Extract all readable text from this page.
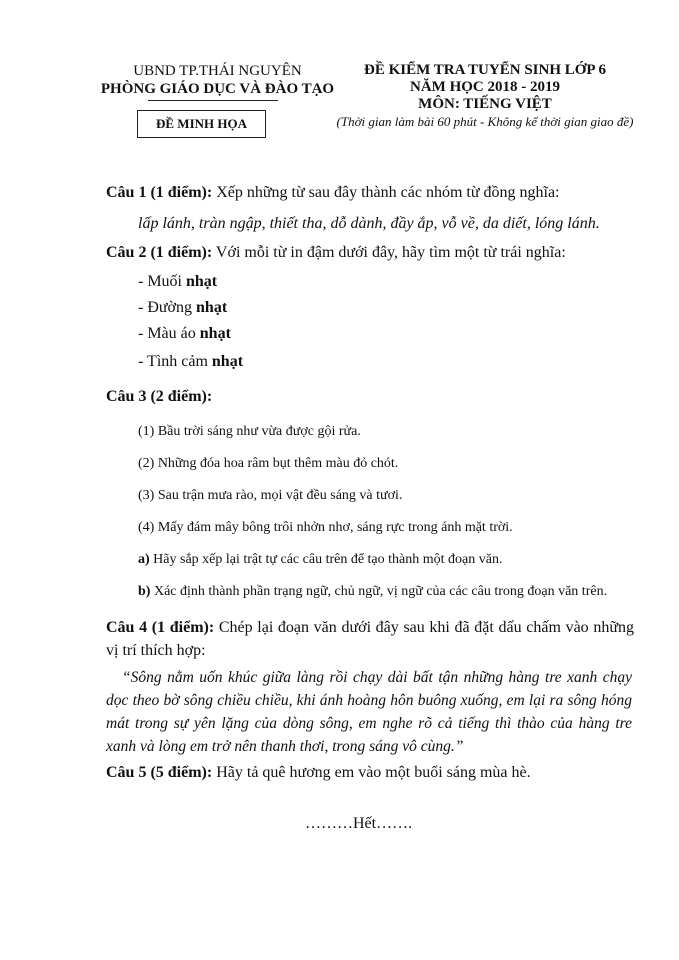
UBND TP.THÁI NGUYÊN
PHÒNG GIÁO DỤC VÀ ĐÀO TẠO
ĐỀ MINH HỌA
ĐỀ KIỂM TRA TUYỂN SINH LỚP 6
NĂM HỌC 2018 - 2019
MÔN: TIẾNG VIỆT
(Thời gian làm bài 60 phút - Không kể thời gian giao đề)
Câu 1 (1 điểm): Xếp những từ sau đây thành các nhóm từ đồng nghĩa:
lấp lánh, tràn ngập, thiết tha, dỗ dành, đầy ắp, vỗ về, da diết, lóng lánh.
Câu 2 (1 điểm): Với mỗi từ in đậm dưới đây, hãy tìm một từ trái nghĩa:
- Muối nhạt
- Đường nhạt
- Màu áo nhạt
- Tình cảm nhạt
Câu 3 (2 điểm):
(1) Bầu trời sáng như vừa được gội rửa.
(2) Những đóa hoa râm bụt thêm màu đỏ chót.
(3) Sau trận mưa rào, mọi vật đều sáng và tươi.
(4) Mấy đám mây bông trôi nhởn nhơ, sáng rực trong ánh mặt trời.
a) Hãy sắp xếp lại trật tự các câu trên để tạo thành một đoạn văn.
b) Xác định thành phần trạng ngữ, chủ ngữ, vị ngữ của các câu trong đoạn văn trên.
Câu 4 (1 điểm): Chép lại đoạn văn dưới đây sau khi đã đặt dấu chấm vào những vị trí thích hợp:
“Sông nằm uốn khúc giữa làng rồi chạy dài bất tận những hàng tre xanh chạy dọc theo bờ sông chiều chiều, khi ánh hoàng hôn buông xuống, em lại ra sông hóng mát trong sự yên lặng của dòng sông, em nghe rõ cả tiếng thì thào của hàng tre xanh và lòng em trở nên thanh thơi, trong sáng vô cùng.”
Câu 5 (5 điểm): Hãy tả quê hương em vào một buổi sáng mùa hè.
………Hết…….
